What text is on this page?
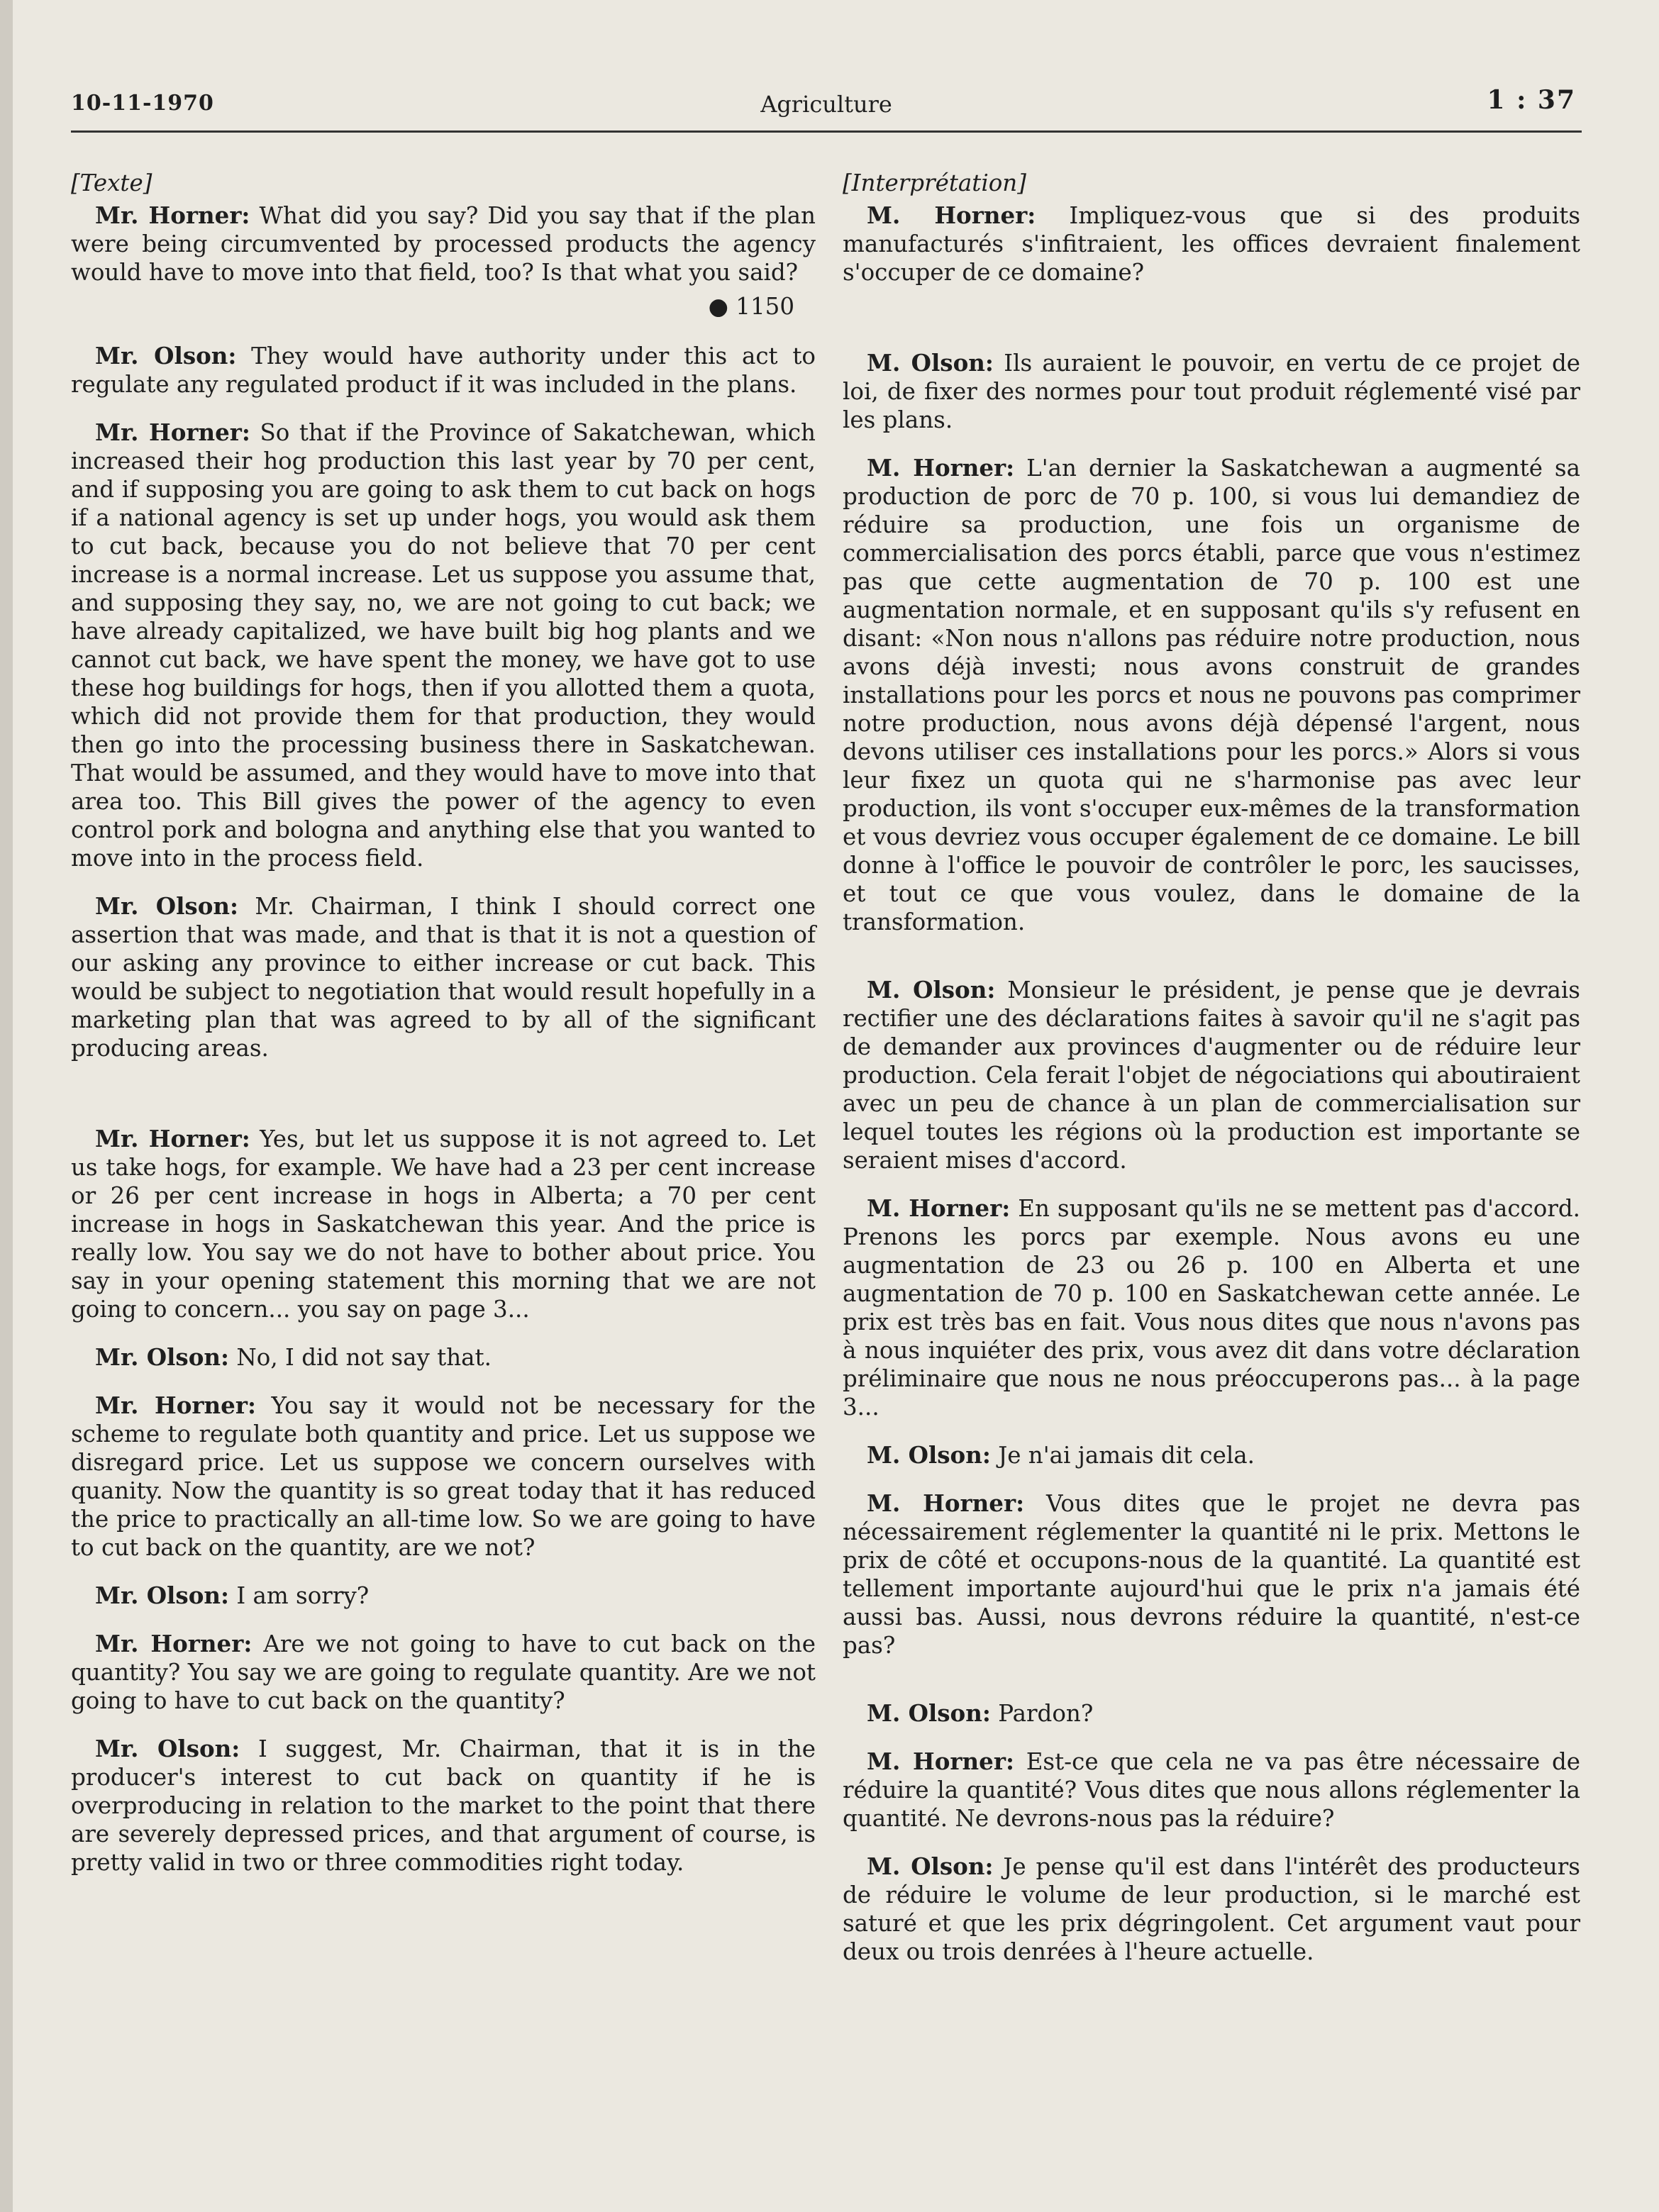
10-11-1970	Agriculture	1 : 37
[Texte]

Mr. Horner: What did you say? Did you say that if the plan were being circumvented by processed products the agency would have to move into that field, too? Is that what you said?

● 1150

Mr. Olson: They would have authority under this act to regulate any regulated product if it was included in the plans.

Mr. Horner: So that if the Province of Sakatchewan, which increased their hog production this last year by 70 per cent, and if supposing you are going to ask them to cut back on hogs if a national agency is set up under hogs, you would ask them to cut back, because you do not believe that 70 per cent increase is a normal increase. Let us suppose you assume that, and supposing they say, no, we are not going to cut back; we have already capitalized, we have built big hog plants and we cannot cut back, we have spent the money, we have got to use these hog buildings for hogs, then if you allotted them a quota, which did not provide them for that production, they would then go into the processing business there in Saskatchewan. That would be assumed, and they would have to move into that area too. This Bill gives the power of the agency to even control pork and bologna and anything else that you wanted to move into in the process field.

Mr. Olson: Mr. Chairman, I think I should correct one assertion that was made, and that is that it is not a question of our asking any province to either increase or cut back. This would be subject to negotiation that would result hopefully in a marketing plan that was agreed to by all of the significant producing areas.

Mr. Horner: Yes, but let us suppose it is not agreed to. Let us take hogs, for example. We have had a 23 per cent increase or 26 per cent increase in hogs in Alberta; a 70 per cent increase in hogs in Saskatchewan this year. And the price is really low. You say we do not have to bother about price. You say in your opening statement this morning that we are not going to concern... you say on page 3...

Mr. Olson: No, I did not say that.

Mr. Horner: You say it would not be necessary for the scheme to regulate both quantity and price. Let us suppose we disregard price. Let us suppose we concern ourselves with quanity. Now the quantity is so great today that it has reduced the price to practically an all-time low. So we are going to have to cut back on the quantity, are we not?

Mr. Olson: I am sorry?

Mr. Horner: Are we not going to have to cut back on the quantity? You say we are going to regulate quantity. Are we not going to have to cut back on the quantity?

Mr. Olson: I suggest, Mr. Chairman, that it is in the producer's interest to cut back on quantity if he is overproducing in relation to the market to the point that there are severely depressed prices, and that argument of course, is pretty valid in two or three commodities right today.

[Interprétation]

M. Horner: Impliquez-vous que si des produits manufacturés s'infitraient, les offices devraient finalement s'occuper de ce domaine?

M. Olson: Ils auraient le pouvoir, en vertu de ce projet de loi, de fixer des normes pour tout produit réglementé visé par les plans.

M. Horner: L'an dernier la Saskatchewan a augmenté sa production de porc de 70 p. 100, si vous lui demandiez de réduire sa production, une fois un organisme de commercialisation des porcs établi, parce que vous n'estimez pas que cette augmentation de 70 p. 100 est une augmentation normale, et en supposant qu'ils s'y refusent en disant: «Non nous n'allons pas réduire notre production, nous avons déjà investi; nous avons construit de grandes installations pour les porcs et nous ne pouvons pas comprimer notre production, nous avons déjà dépensé l'argent, nous devons utiliser ces installations pour les porcs.» Alors si vous leur fixez un quota qui ne s'harmonise pas avec leur production, ils vont s'occuper eux-mêmes de la transformation et vous devriez vous occuper également de ce domaine. Le bill donne à l'office le pouvoir de contrôler le porc, les saucisses, et tout ce que vous voulez, dans le domaine de la transformation.

M. Olson: Monsieur le président, je pense que je devrais rectifier une des déclarations faites à savoir qu'il ne s'agit pas de demander aux provinces d'augmenter ou de réduire leur production. Cela ferait l'objet de négociations qui aboutiraient avec un peu de chance à un plan de commercialisation sur lequel toutes les régions où la production est importante se seraient mises d'accord.

M. Horner: En supposant qu'ils ne se mettent pas d'accord. Prenons les porcs par exemple. Nous avons eu une augmentation de 23 ou 26 p. 100 en Alberta et une augmentation de 70 p. 100 en Saskatchewan cette année. Le prix est très bas en fait. Vous nous dites que nous n'avons pas à nous inquiéter des prix, vous avez dit dans votre déclaration préliminaire que nous ne nous préoccuperons pas... à la page 3...

M. Olson: Je n'ai jamais dit cela.

M. Horner: Vous dites que le projet ne devra pas nécessairement réglementer la quantité ni le prix. Mettons le prix de côté et occupons-nous de la quantité. La quantité est tellement importante aujourd'hui que le prix n'a jamais été aussi bas. Aussi, nous devrons réduire la quantité, n'est-ce pas?

M. Olson: Pardon?

M. Horner: Est-ce que cela ne va pas être nécessaire de réduire la quantité? Vous dites que nous allons réglementer la quantité. Ne devrons-nous pas la réduire?

M. Olson: Je pense qu'il est dans l'intérêt des producteurs de réduire le volume de leur production, si le marché est saturé et que les prix dégringolent. Cet argument vaut pour deux ou trois denrées à l'heure actuelle.
